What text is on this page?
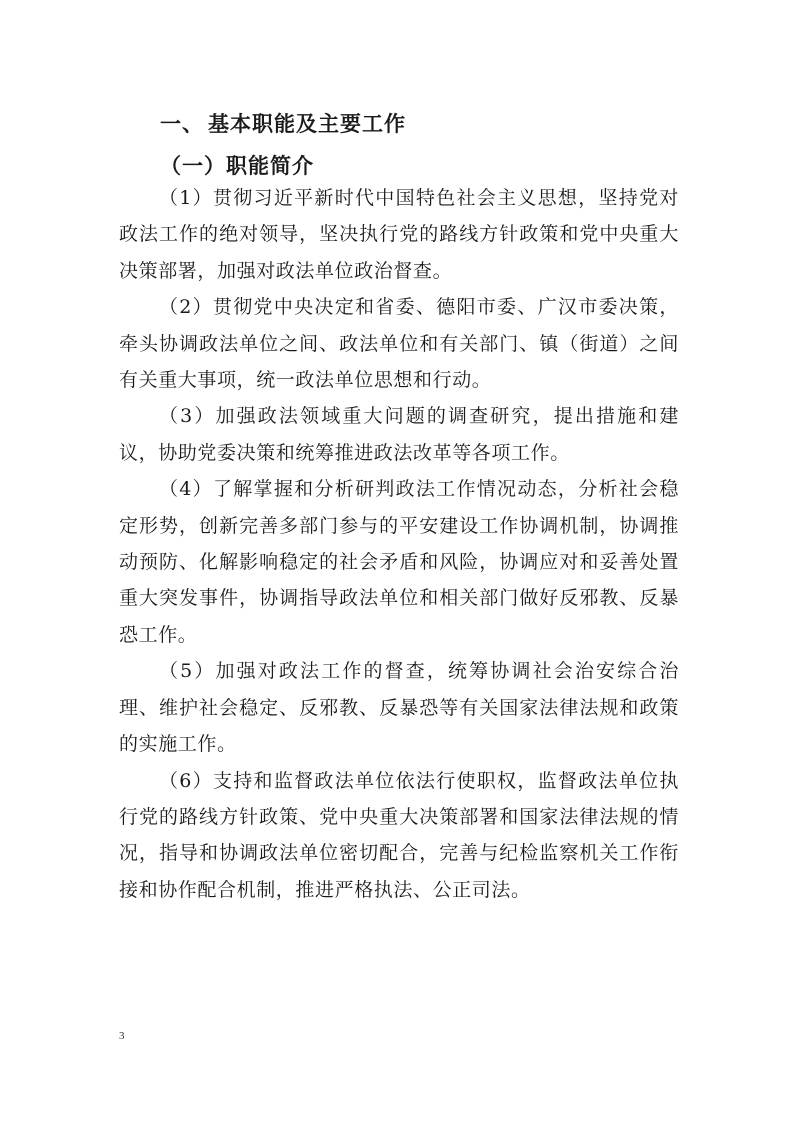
一、 基本职能及主要工作
（一）职能简介

（1）贯彻习近平新时代中国特色社会主义思想，坚持党对政法工作的绝对领导，坚决执行党的路线方针政策和党中央重大决策部署，加强对政法单位政治督查。

（2）贯彻党中央决定和省委、德阳市委、广汉市委决策，牵头协调政法单位之间、政法单位和有关部门、镇（街道）之间有关重大事项，统一政法单位思想和行动。

（3）加强政法领域重大问题的调查研究，提出措施和建议，协助党委决策和统筹推进政法改革等各项工作。

（4）了解掌握和分析研判政法工作情况动态，分析社会稳定形势，创新完善多部门参与的平安建设工作协调机制，协调推动预防、化解影响稳定的社会矛盾和风险，协调应对和妥善处置重大突发事件，协调指导政法单位和相关部门做好反邪教、反暴恐工作。

（5）加强对政法工作的督查，统筹协调社会治安综合治理、维护社会稳定、反邪教、反暴恐等有关国家法律法规和政策的实施工作。

（6）支持和监督政法单位依法行使职权，监督政法单位执行党的路线方针政策、党中央重大决策部署和国家法律法规的情况，指导和协调政法单位密切配合，完善与纪检监察机关工作衔接和协作配合机制，推进严格执法、公正司法。

3
